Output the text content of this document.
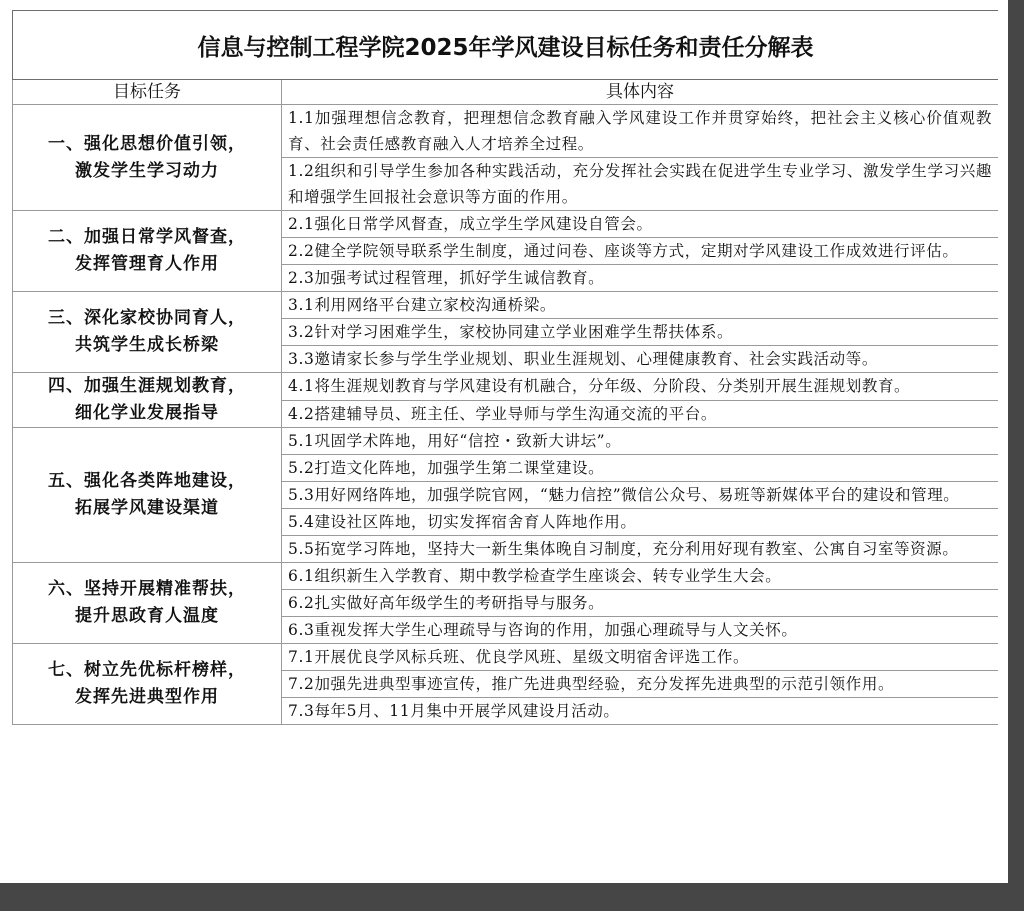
信息与控制工程学院2025年学风建设目标任务和责任分解表	
目标任务	具体内容

一、强化思想价值引领，
激发学生学习动力	1.1加强理想信念教育，把理想信念教育融入学风建设工作并贯穿始终，把社会主义核心价值观教育、社会责任感教育融入人才培养全过程。
	1.2组织和引导学生参加各种实践活动，充分发挥社会实践在促进学生专业学习、激发学生学习兴趣和增强学生回报社会意识等方面的作用。

二、加强日常学风督查，
发挥管理育人作用	2.1强化日常学风督查，成立学生学风建设自管会。
	2.2健全学院领导联系学生制度，通过问卷、座谈等方式，定期对学风建设工作成效进行评估。
	2.3加强考试过程管理，抓好学生诚信教育。

三、深化家校协同育人，
共筑学生成长桥梁	3.1利用网络平台建立家校沟通桥梁。
	3.2针对学习困难学生，家校协同建立学业困难学生帮扶体系。
	3.3邀请家长参与学生学业规划、职业生涯规划、心理健康教育、社会实践活动等。

四、加强生涯规划教育，
细化学业发展指导	4.1将生涯规划教育与学风建设有机融合，分年级、分阶段、分类别开展生涯规划教育。
	4.2搭建辅导员、班主任、学业导师与学生沟通交流的平台。

五、强化各类阵地建设，
拓展学风建设渠道	5.1巩固学术阵地，用好“信控・致新大讲坛”。
	5.2打造文化阵地，加强学生第二课堂建设。
	5.3用好网络阵地，加强学院官网，“魅力信控”微信公众号、易班等新媒体平台的建设和管理。
	5.4建设社区阵地，切实发挥宿舍育人阵地作用。
	5.5拓宽学习阵地，坚持大一新生集体晚自习制度，充分利用好现有教室、公寓自习室等资源。

六、坚持开展精准帮扶，
提升思政育人温度	6.1组织新生入学教育、期中教学检查学生座谈会、转专业学生大会。
	6.2扎实做好高年级学生的考研指导与服务。
	6.3重视发挥大学生心理疏导与咨询的作用，加强心理疏导与人文关怀。

七、树立先优标杆榜样，
发挥先进典型作用	7.1开展优良学风标兵班、优良学风班、星级文明宿舍评选工作。
	7.2加强先进典型事迹宣传，推广先进典型经验，充分发挥先进典型的示范引领作用。
	7.3每年5月、11月集中开展学风建设月活动。
